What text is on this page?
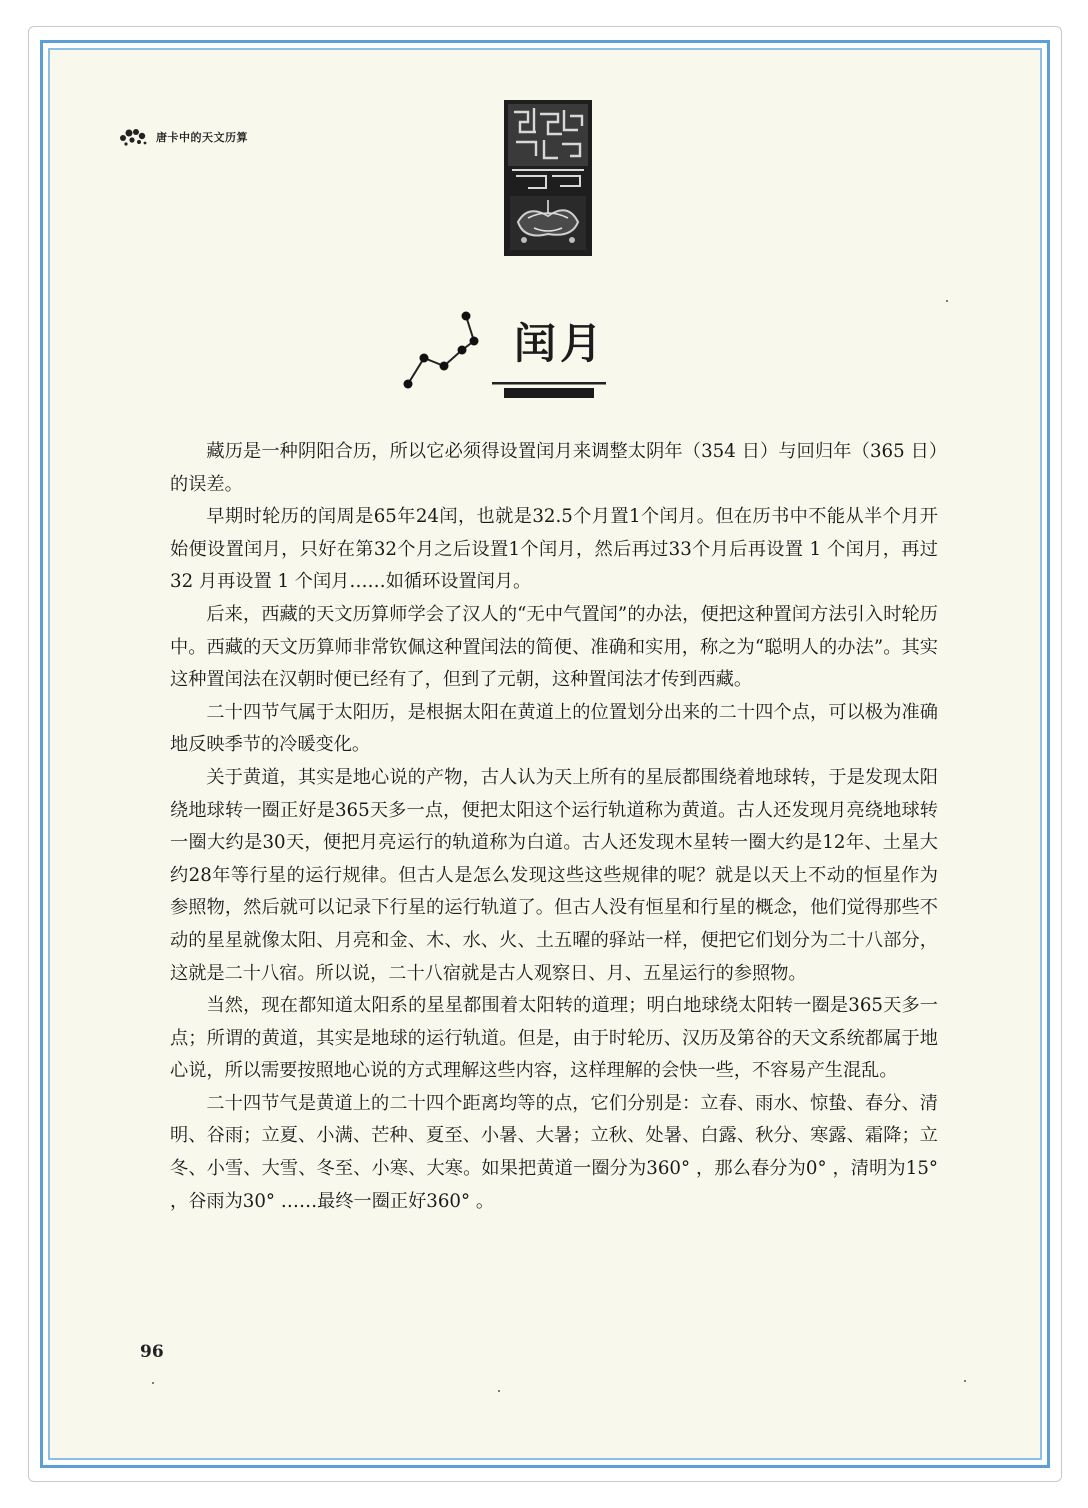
唐卡中的天文历算
闰月

藏历是一种阴阳合历，所以它必须得设置闰月来调整太阴年（354 日）与回归年（365 日）的误差。

早期时轮历的闰周是65年24闰，也就是32.5个月置1个闰月。但在历书中不能从半个月开始便设置闰月，只好在第32个月之后设置1个闰月，然后再过33个月后再设置 1 个闰月，再过 32 月再设置 1 个闰月……如循环设置闰月。

后来，西藏的天文历算师学会了汉人的“无中气置闰”的办法，便把这种置闰方法引入时轮历中。西藏的天文历算师非常钦佩这种置闰法的简便、准确和实用，称之为“聪明人的办法”。其实这种置闰法在汉朝时便已经有了，但到了元朝，这种置闰法才传到西藏。

二十四节气属于太阳历，是根据太阳在黄道上的位置划分出来的二十四个点，可以极为准确地反映季节的冷暖变化。

关于黄道，其实是地心说的产物，古人认为天上所有的星辰都围绕着地球转，于是发现太阳绕地球转一圈正好是365天多一点，便把太阳这个运行轨道称为黄道。古人还发现月亮绕地球转一圈大约是30天，便把月亮运行的轨道称为白道。古人还发现木星转一圈大约是12年、土星大约28年等行星的运行规律。但古人是怎么发现这些这些规律的呢？就是以天上不动的恒星作为参照物，然后就可以记录下行星的运行轨道了。但古人没有恒星和行星的概念，他们觉得那些不动的星星就像太阳、月亮和金、木、水、火、土五曜的驿站一样，便把它们划分为二十八部分，这就是二十八宿。所以说，二十八宿就是古人观察日、月、五星运行的参照物。

当然，现在都知道太阳系的星星都围着太阳转的道理；明白地球绕太阳转一圈是365天多一点；所谓的黄道，其实是地球的运行轨道。但是，由于时轮历、汉历及第谷的天文系统都属于地心说，所以需要按照地心说的方式理解这些内容，这样理解的会快一些，不容易产生混乱。

二十四节气是黄道上的二十四个距离均等的点，它们分别是：立春、雨水、惊蛰、春分、清明、谷雨；立夏、小满、芒种、夏至、小暑、大暑；立秋、处暑、白露、秋分、寒露、霜降；立冬、小雪、大雪、冬至、小寒、大寒。如果把黄道一圈分为360° ，那么春分为0° ，清明为15° ，谷雨为30° ……最终一圈正好360° 。

96
